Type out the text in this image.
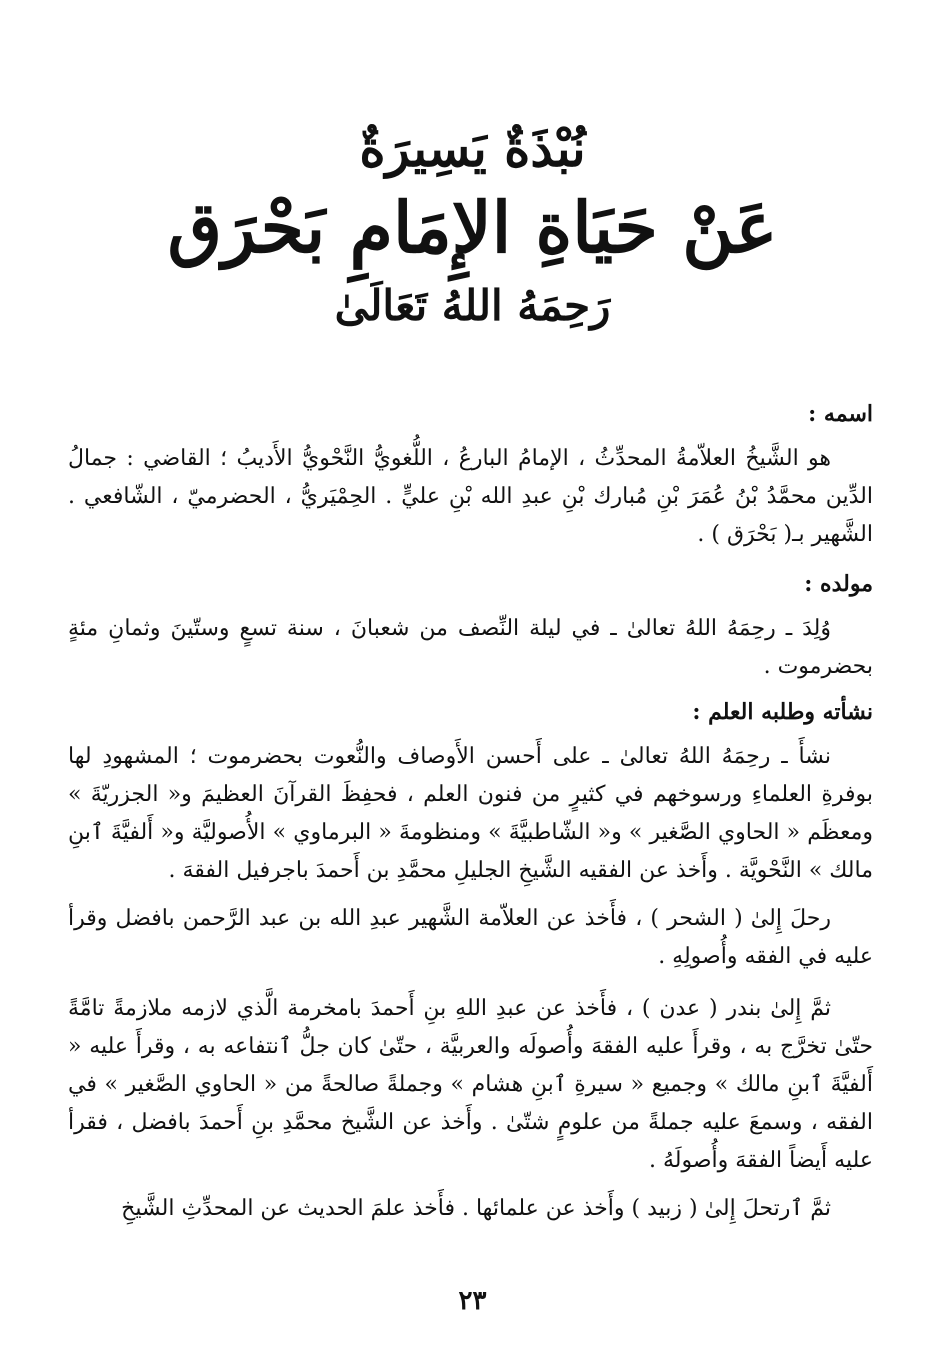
نُبْذَةٌ يَسِيرَةٌ
عَنْ حَيَاةِ الإِمَامِ بَحْرَق
رَحِمَهُ اللهُ تَعَالَىٰ
اسمه :

هو الشَّيخُ العلاّمةُ المحدِّثُ ، الإمامُ البارعُ ، اللُّغويُّ النَّحْويُّ الأَديبُ ؛ القاضي : جمالُ الدِّين محمَّدُ بْنُ عُمَرَ بْنِ مُبارك بْنِ عبدِ الله بْنِ عليٍّ . الحِمْيَريُّ ، الحضرميّ ، الشّافعي . الشَّهير بـ( بَحْرَق ) .

مولده :

وُلِدَ ـ رحِمَهُ اللهُ تعالىٰ ـ في ليلة النِّصف من شعبانَ ، سنة تسعٍ وستّينَ وثمانِ مئةٍ بحضرموت .

نشأته وطلبه العلم :

نشأَ ـ رحِمَهُ اللهُ تعالىٰ ـ على أَحسن الأَوصاف والنُّعوت بحضرموت ؛ المشهودِ لها بوفرةِ العلماءِ ورسوخهم في كثيرٍ من فنون العلم ، فحفِظَ القرآنَ العظيمَ و« الجزريّةَ » ومعظَم « الحاوي الصَّغير » و« الشّاطبيَّةَ » ومنظومةَ « البرماوي » الأُصوليَّة و« أَلفيَّةَ ٱبنِ مالك » النَّحْويَّة . وأَخذ عن الفقيه الشَّيخِ الجليلِ محمَّدِ بن أَحمدَ باجرفيل الفقهَ .

رحلَ إِلىٰ ( الشحر ) ، فأَخذ عن العلاّمة الشَّهير عبدِ الله بن عبد الرَّحمن بافضل وقرأ عليه في الفقه وأُصولِهِ .

ثمَّ إِلىٰ بندر ( عدن ) ، فأَخذ عن عبدِ اللهِ بنِ أَحمدَ بامخرمة الَّذي لازمه ملازمةً تامَّةً حتّىٰ تخرَّج به ، وقرأَ عليه الفقهَ وأُصولَه والعربيَّة ، حتّىٰ كان جلُّ ٱنتفاعه به ، وقرأَ عليه « أَلفيَّةَ ٱبنِ مالك » وجميع « سيرةِ ٱبنِ هشام » وجملةً صالحةً من « الحاوي الصَّغير » في الفقه ، وسمعَ عليه جملةً من علومٍ شتّىٰ . وأَخذ عن الشَّيخ محمَّدِ بنِ أَحمدَ بافضل ، فقرأ عليه أَيضاً الفقهَ وأُصولَهُ .

ثمَّ ٱرتحلَ إِلىٰ ( زبيد ) وأَخذ عن علمائها . فأَخذ علمَ الحديث عن المحدِّثِ الشَّيخِ

٢٣
